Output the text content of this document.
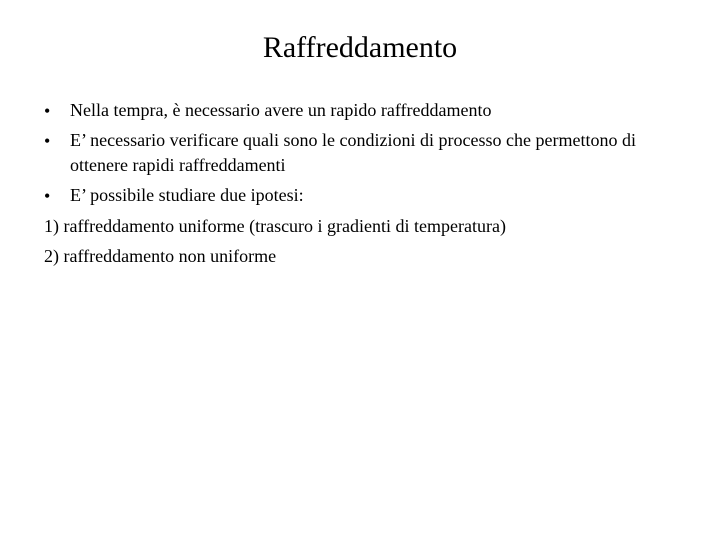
Raffreddamento
• Nella tempra, è necessario avere un rapido raffreddamento
• E’ necessario verificare quali sono le condizioni di processo che permettono di ottenere rapidi raffreddamenti
• E’ possibile studiare due ipotesi:
1) raffreddamento uniforme (trascuro i gradienti di temperatura)
2) raffreddamento non uniforme
